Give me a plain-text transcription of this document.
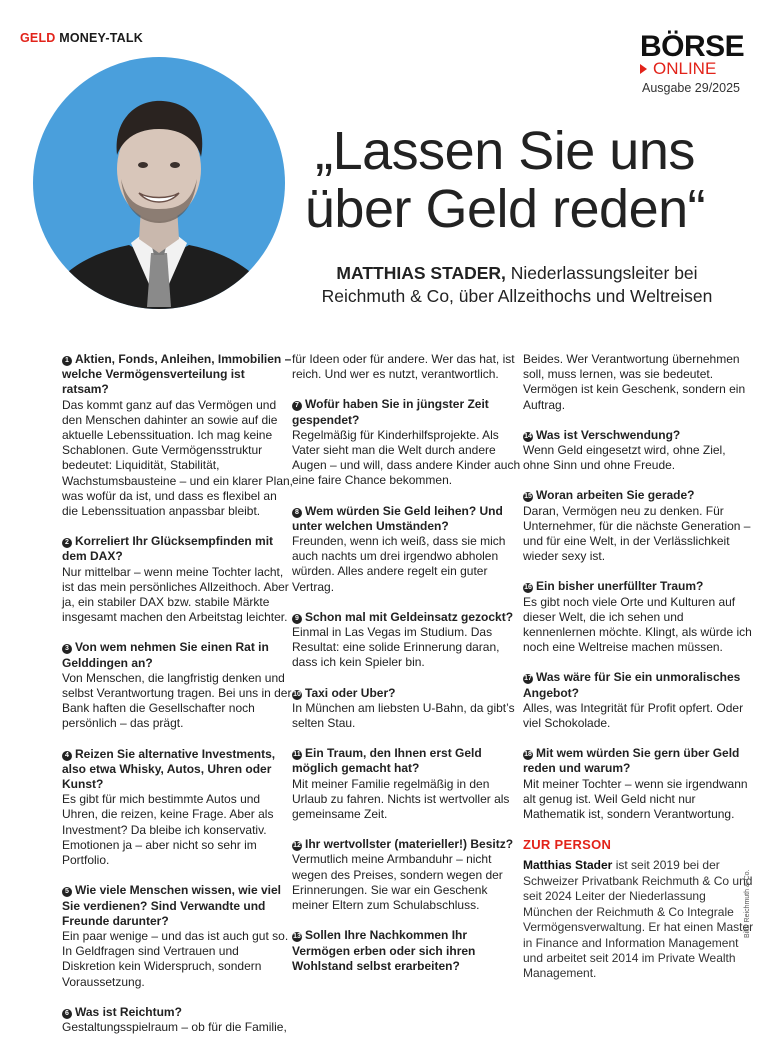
GELD MONEY-TALK	BÖRSE
ONLINE
Ausgabe 29/2025
„Lassen Sie uns
über Geld reden“
MATTHIAS STADER, Niederlassungsleiter bei
Reichmuth & Co, über Allzeithochs und Weltreisen
1 Aktien, Fonds, Anleihen, Immobilien – welche Vermögensverteilung ist ratsam?
Das kommt ganz auf das Vermögen und den Menschen dahinter an sowie auf die aktuelle Lebenssituation. Ich mag keine Schablonen. Gute Vermögensstruktur bedeutet: Liquidität, Stabilität, Wachstumsbausteine – und ein klarer Plan, was wofür da ist, und dass es flexibel an die Lebenssituation anpassbar bleibt.
2 Korreliert Ihr Glücksempfinden mit dem DAX?
Nur mittelbar – wenn meine Tochter lacht, ist das mein persönliches Allzeithoch. Aber ja, ein stabiler DAX bzw. stabile Märkte insgesamt machen den Arbeitstag leichter.
3 Von wem nehmen Sie einen Rat in Gelddingen an?
Von Menschen, die langfristig denken und selbst Verantwortung tragen. Bei uns in der Bank haften die Gesellschafter noch persönlich – das prägt.
4 Reizen Sie alternative Investments, also etwa Whisky, Autos, Uhren oder Kunst?
Es gibt für mich bestimmte Autos und Uhren, die reizen, keine Frage. Aber als Investment? Da bleibe ich konservativ. Emotionen ja – aber nicht so sehr im Portfolio.
5 Wie viele Menschen wissen, wie viel Sie verdienen? Sind Verwandte und Freunde darunter?
Ein paar wenige – und das ist auch gut so. In Geldfragen sind Vertrauen und Diskretion kein Widerspruch, sondern Voraussetzung.
6 Was ist Reichtum?
Gestaltungsspielraum – ob für die Familie,
für Ideen oder für andere. Wer das hat, ist reich. Und wer es nutzt, verantwortlich.
7 Wofür haben Sie in jüngster Zeit gespendet?
Regelmäßig für Kinderhilfsprojekte. Als Vater sieht man die Welt durch andere Augen – und will, dass andere Kinder auch eine faire Chance bekommen.
8 Wem würden Sie Geld leihen? Und unter welchen Umständen?
Freunden, wenn ich weiß, dass sie mich auch nachts um drei irgendwo abholen würden. Alles andere regelt ein guter Vertrag.
9 Schon mal mit Geldeinsatz gezockt?
Einmal in Las Vegas im Studium. Das Resultat: eine solide Erinnerung daran, dass ich kein Spieler bin.
10 Taxi oder Uber?
In München am liebsten U-Bahn, da gibt’s selten Stau.
11 Ein Traum, den Ihnen erst Geld möglich gemacht hat?
Mit meiner Familie regelmäßig in den Urlaub zu fahren. Nichts ist wertvoller als gemeinsame Zeit.
12 Ihr wertvollster (materieller!) Besitz?
Vermutlich meine Armbanduhr – nicht wegen des Preises, sondern wegen der Erinnerungen. Sie war ein Geschenk meiner Eltern zum Schulabschluss.
13 Sollen Ihre Nachkommen Ihr Vermögen erben oder sich ihren Wohlstand selbst erarbeiten?
Beides. Wer Verantwortung übernehmen soll, muss lernen, was sie bedeutet. Vermögen ist kein Geschenk, sondern ein Auftrag.
14 Was ist Verschwendung?
Wenn Geld eingesetzt wird, ohne Ziel, ohne Sinn und ohne Freude.
15 Woran arbeiten Sie gerade?
Daran, Vermögen neu zu denken. Für Unternehmer, für die nächste Generation – und für eine Welt, in der Verlässlichkeit wieder sexy ist.
16 Ein bisher unerfüllter Traum?
Es gibt noch viele Orte und Kulturen auf dieser Welt, die ich sehen und kennenlernen möchte. Klingt, als würde ich noch eine Weltreise machen müssen.
17 Was wäre für Sie ein unmoralisches Angebot?
Alles, was Integrität für Profit opfert. Oder viel Schokolade.
18 Mit wem würden Sie gern über Geld reden und warum?
Mit meiner Tochter – wenn sie irgendwann alt genug ist. Weil Geld nicht nur Mathematik ist, sondern Verantwortung.
ZUR PERSON
Matthias Stader ist seit 2019 bei der Schweizer Privatbank Reichmuth & Co und seit 2024 Leiter der Niederlassung München der Reichmuth & Co Integrale Vermögensverwaltung. Er hat einen Master in Finance and Information Management und arbeitet seit 2014 im Private Wealth Management.
Bild: Reichmuth & Co.
